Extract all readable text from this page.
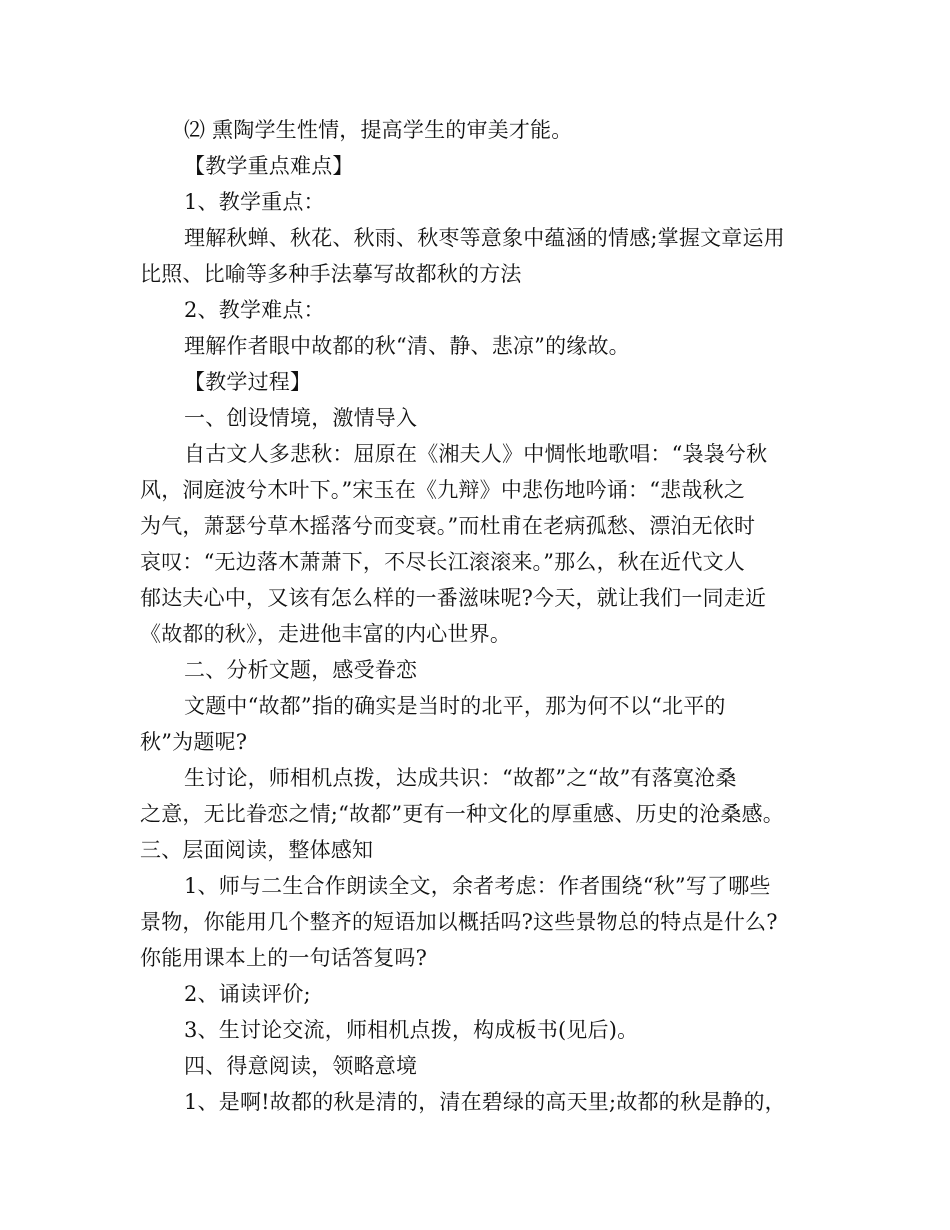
⑵ 熏陶学生性情，提高学生的审美才能。
【教学重点难点】
1、教学重点：
理解秋蝉、秋花、秋雨、秋枣等意象中蕴涵的情感;掌握文章运用
比照、比喻等多种手法摹写故都秋的方法
2、教学难点：
理解作者眼中故都的秋“清、静、悲凉”的缘故。
【教学过程】
一、创设情境，激情导入
自古文人多悲秋：屈原在《湘夫人》中惆怅地歌唱：“袅袅兮秋
风，洞庭波兮木叶下。”宋玉在《九辩》中悲伤地吟诵：“悲哉秋之
为气，萧瑟兮草木摇落兮而变衰。”而杜甫在老病孤愁、漂泊无依时
哀叹：“无边落木萧萧下，不尽长江滚滚来。”那么，秋在近代文人
郁达夫心中，又该有怎么样的一番滋味呢?今天，就让我们一同走近
《故都的秋》，走进他丰富的内心世界。
二、分析文题，感受眷恋
文题中“故都”指的确实是当时的北平，那为何不以“北平的
秋”为题呢?
生讨论，师相机点拨，达成共识：“故都”之“故”有落寞沧桑
之意，无比眷恋之情;“故都”更有一种文化的厚重感、历史的沧桑感。
三、层面阅读，整体感知
1、师与二生合作朗读全文，余者考虑：作者围绕“秋”写了哪些
景物，你能用几个整齐的短语加以概括吗?这些景物总的特点是什么?
你能用课本上的一句话答复吗?
2、诵读评价;
3、生讨论交流，师相机点拨，构成板书(见后)。
四、得意阅读，领略意境
1、是啊!故都的秋是清的，清在碧绿的高天里;故都的秋是静的，
